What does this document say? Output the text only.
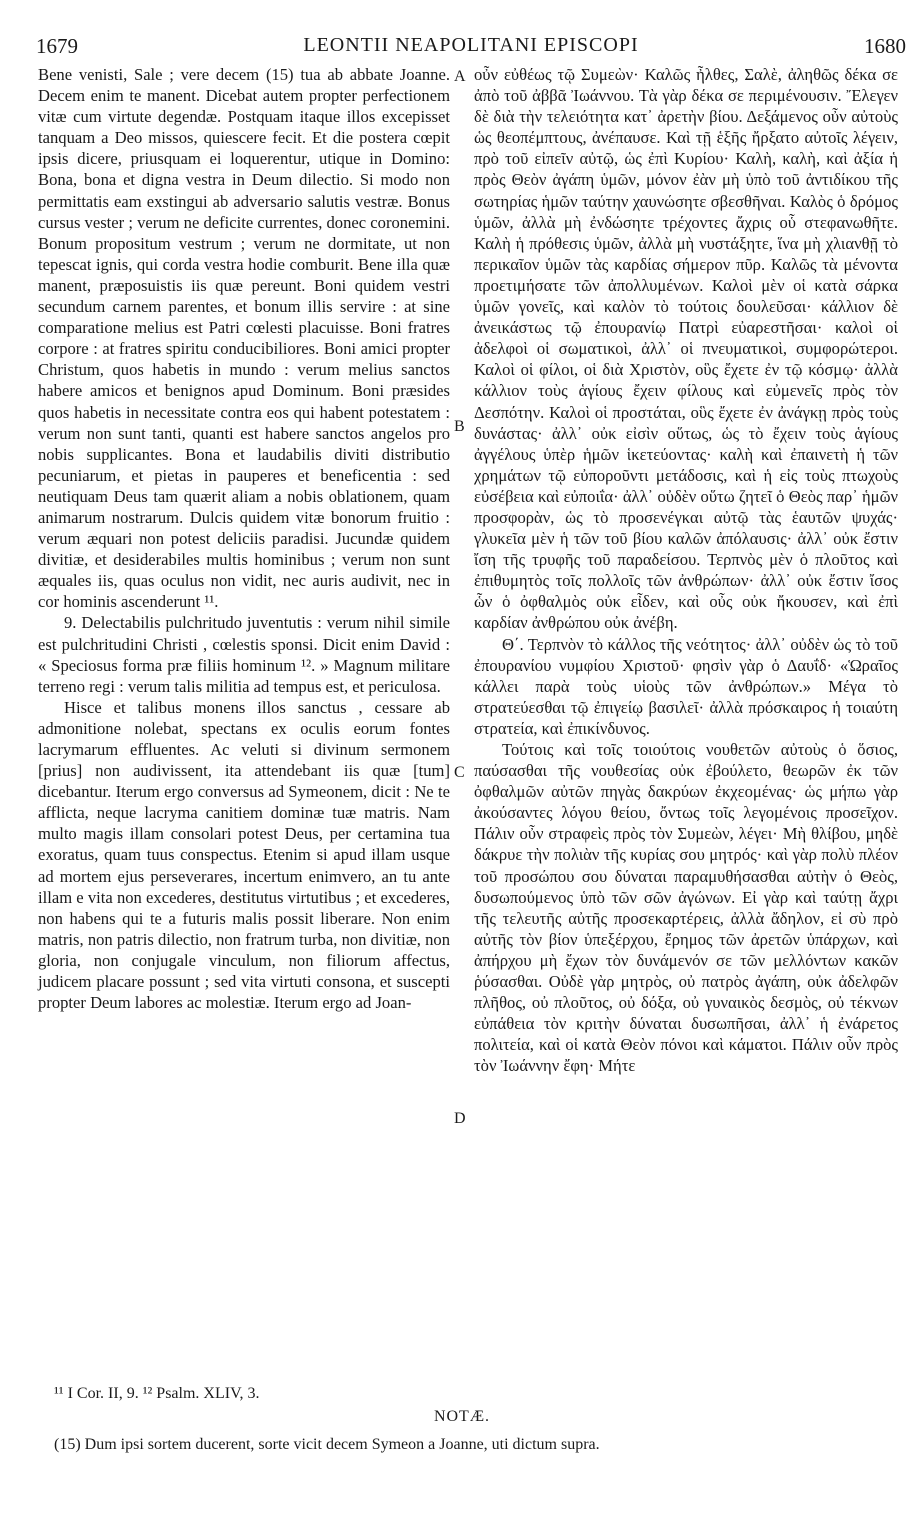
1679	LEONTII NEAPOLITANI EPISCOPI	1680

Bene venisti, Sale ; vere decem (15) tua ab abbate Joanne. Decem enim te manent. Dicebat autem propter perfectionem vitæ cum virtute degendæ. Postquam itaque illos excepisset tanquam a Deo missos, quiescere fecit. Et die postera cœpit ipsis dicere, priusquam ei loquerentur, utique in Domino: Bona, bona et digna vestra in Deum dilectio. Si modo non permittatis eam exstingui ab adversario salutis vestræ. Bonus cursus vester ; verum ne deficite currentes, donec coronemini. Bonum propositum vestrum ; verum ne dormitate, ut non tepescat ignis, qui corda vestra hodie comburit. Bene illa quæ manent, præposuistis iis quæ pereunt. Boni quidem vestri secundum carnem parentes, et bonum illis servire : at sine comparatione melius est Patri cœlesti placuisse. Boni fratres corpore : at fratres spiritu conducibiliores. Boni amici propter Christum, quos habetis in mundo : verum melius sanctos habere amicos et benignos apud Dominum. Boni præsides quos habetis in necessitate contra eos qui habent potestatem : verum non sunt tanti, quanti est habere sanctos angelos pro nobis supplicantes. Bona et laudabilis diviti distributio pecuniarum, et pietas in pauperes et beneficentia : sed neutiquam Deus tam quærit aliam a nobis oblationem, quam animarum nostrarum. Dulcis quidem vitæ bonorum fruitio : verum æquari non potest deliciis paradisi. Jucundæ quidem divitiæ, et desiderabiles multis hominibus ; verum non sunt æquales iis, quas oculus non vidit, nec auris audivit, nec in cor hominis ascenderunt ¹¹.

9. Delectabilis pulchritudo juventutis : verum nihil simile est pulchritudini Christi , cœlestis sponsi. Dicit enim David : « Speciosus forma præ filiis hominum ¹². » Magnum militare terreno regi : verum talis militia ad tempus est, et periculosa.

Hisce et talibus monens illos sanctus , cessare ab admonitione nolebat, spectans ex oculis eorum fontes lacrymarum effluentes. Ac veluti si divinum sermonem [prius] non audivissent, ita attendebant iis quæ [tum] dicebantur. Iterum ergo conversus ad Symeonem, dicit : Ne te afflicta, neque lacryma canitiem dominæ tuæ matris. Nam multo magis illam consolari potest Deus, per certamina tua exoratus, quam tuus conspectus. Etenim si apud illam usque ad mortem ejus perseverares, incertum enimvero, an tu ante illam e vita non excederes, destitutus virtutibus ; et excederes, non habens qui te a futuris malis possit liberare. Non enim matris, non patris dilectio, non fratrum turba, non divitiæ, non gloria, non conjugale vinculum, non filiorum affectus, judicem placare possunt ; sed vita virtuti consona, et suscepti propter Deum labores ac molestiæ. Iterum ergo ad Joan-

A
B
C
D

οὖν εὐθέως τῷ Συμεὼν· Καλῶς ἦλθες, Σαλὲ, ἀληθῶς δέκα σε ἀπὸ τοῦ ἀββᾶ Ἰωάννου. Τὰ γὰρ δέκα σε περιμένουσιν. Ἔλεγεν δὲ διὰ τὴν τελειότητα κατ᾽ ἀρετὴν βίου. Δεξάμενος οὖν αὐτοὺς ὡς θεοπέμπτους, ἀνέπαυσε. Καὶ τῇ ἑξῆς ἤρξατο αὐτοῖς λέγειν, πρὸ τοῦ εἰπεῖν αὐτῷ, ὡς ἐπὶ Κυρίου· Καλὴ, καλὴ, καὶ ἀξία ἡ πρὸς Θεὸν ἀγάπη ὑμῶν, μόνον ἐὰν μὴ ὑπὸ τοῦ ἀντιδίκου τῆς σωτηρίας ἡμῶν ταύτην χαυνώσητε σβεσθῆναι. Καλὸς ὁ δρόμος ὑμῶν, ἀλλὰ μὴ ἐνδώσητε τρέχοντες ἄχρις οὗ στεφανωθῆτε. Καλὴ ἡ πρόθεσις ὑμῶν, ἀλλὰ μὴ νυστάξητε, ἵνα μὴ χλιανθῇ τὸ περικαῖον ὑμῶν τὰς καρδίας σήμερον πῦρ. Καλῶς τὰ μένοντα προετιμήσατε τῶν ἀπολλυμένων. Καλοὶ μὲν οἱ κατὰ σάρκα ὑμῶν γονεῖς, καὶ καλὸν τὸ τούτοις δουλεῦσαι· κάλλιον δὲ ἀνεικάστως τῷ ἐπουρανίῳ Πατρὶ εὐαρεστῆσαι· καλοὶ οἱ ἀδελφοὶ οἱ σωματικοὶ, ἀλλ᾽ οἱ πνευματικοὶ, συμφορώτεροι. Καλοὶ οἱ φίλοι, οἱ διὰ Χριστὸν, οὓς ἔχετε ἐν τῷ κόσμῳ· ἀλλὰ κάλλιον τοὺς ἁγίους ἔχειν φίλους καὶ εὐμενεῖς πρὸς τὸν Δεσπότην. Καλοὶ οἱ προστάται, οὓς ἔχετε ἐν ἀνάγκῃ πρὸς τοὺς δυνάστας· ἀλλ᾽ οὐκ εἰσὶν οὕτως, ὡς τὸ ἔχειν τοὺς ἁγίους ἀγγέλους ὑπὲρ ἡμῶν ἱκετεύοντας· καλὴ καὶ ἐπαινετὴ ἡ τῶν χρημάτων τῷ εὐποροῦντι μετάδοσις, καὶ ἡ εἰς τοὺς πτωχοὺς εὐσέβεια καὶ εὐποιΐα· ἀλλ᾽ οὐδὲν οὕτω ζητεῖ ὁ Θεὸς παρ᾽ ἡμῶν προσφορὰν, ὡς τὸ προσενέγκαι αὐτῷ τὰς ἑαυτῶν ψυχάς· γλυκεῖα μὲν ἡ τῶν τοῦ βίου καλῶν ἀπόλαυσις· ἀλλ᾽ οὐκ ἔστιν ἴση τῆς τρυφῆς τοῦ παραδείσου. Τερπνὸς μὲν ὁ πλοῦτος καὶ ἐπιθυμητὸς τοῖς πολλοῖς τῶν ἀνθρώπων· ἀλλ᾽ οὐκ ἔστιν ἴσος ὧν ὁ ὀφθαλμὸς οὐκ εἶδεν, καὶ οὖς οὐκ ἤκουσεν, καὶ ἐπὶ καρδίαν ἀνθρώπου οὐκ ἀνέβη.

Θ΄. Τερπνὸν τὸ κάλλος τῆς νεότητος· ἀλλ᾽ οὐδὲν ὡς τὸ τοῦ ἐπουρανίου νυμφίου Χριστοῦ· φησὶν γὰρ ὁ Δαυΐδ· «Ὡραῖος κάλλει παρὰ τοὺς υἱοὺς τῶν ἀνθρώπων.» Μέγα τὸ στρατεύεσθαι τῷ ἐπιγείῳ βασιλεῖ· ἀλλὰ πρόσκαιρος ἡ τοιαύτη στρατεία, καὶ ἐπικίνδυνος.

Τούτοις καὶ τοῖς τοιούτοις νουθετῶν αὐτοὺς ὁ ὅσιος, παύσασθαι τῆς νουθεσίας οὐκ ἐβούλετο, θεωρῶν ἐκ τῶν ὀφθαλμῶν αὐτῶν πηγὰς δακρύων ἐκχεομένας· ὡς μήπω γὰρ ἀκούσαντες λόγου θείου, ὄντως τοῖς λεγομένοις προσεῖχον. Πάλιν οὖν στραφεὶς πρὸς τὸν Συμεὼν, λέγει· Μὴ θλίβου, μηδὲ δάκρυε τὴν πολιὰν τῆς κυρίας σου μητρός· καὶ γὰρ πολὺ πλέον τοῦ προσώπου σου δύναται παραμυθήσασθαι αὐτὴν ὁ Θεὸς, δυσωπούμενος ὑπὸ τῶν σῶν ἀγώνων. Εἰ γὰρ καὶ ταύτῃ ἄχρι τῆς τελευτῆς αὐτῆς προσεκαρτέρεις, ἀλλὰ ἄδηλον, εἰ σὺ πρὸ αὐτῆς τὸν βίον ὑπεξέρχου, ἔρημος τῶν ἀρετῶν ὑπάρχων, καὶ ἀπήρχου μὴ ἔχων τὸν δυνάμενόν σε τῶν μελλόντων κακῶν ῥύσασθαι. Οὐδὲ γὰρ μητρὸς, οὐ πατρὸς ἀγάπη, οὐκ ἀδελφῶν πλῆθος, οὐ πλοῦτος, οὐ δόξα, οὐ γυναικὸς δεσμὸς, οὐ τέκνων εὐπάθεια τὸν κριτὴν δύναται δυσωπῆσαι, ἀλλ᾽ ἡ ἐνάρετος πολιτεία, καὶ οἱ κατὰ Θεὸν πόνοι καὶ κάματοι. Πάλιν οὖν πρὸς τὸν Ἰωάννην ἔφη· Μήτε

¹¹ I Cor. II, 9. ¹² Psalm. XLIV, 3.
NOTÆ.
(15) Dum ipsi sortem ducerent, sorte vicit decem Symeon a Joanne, uti dictum supra.
